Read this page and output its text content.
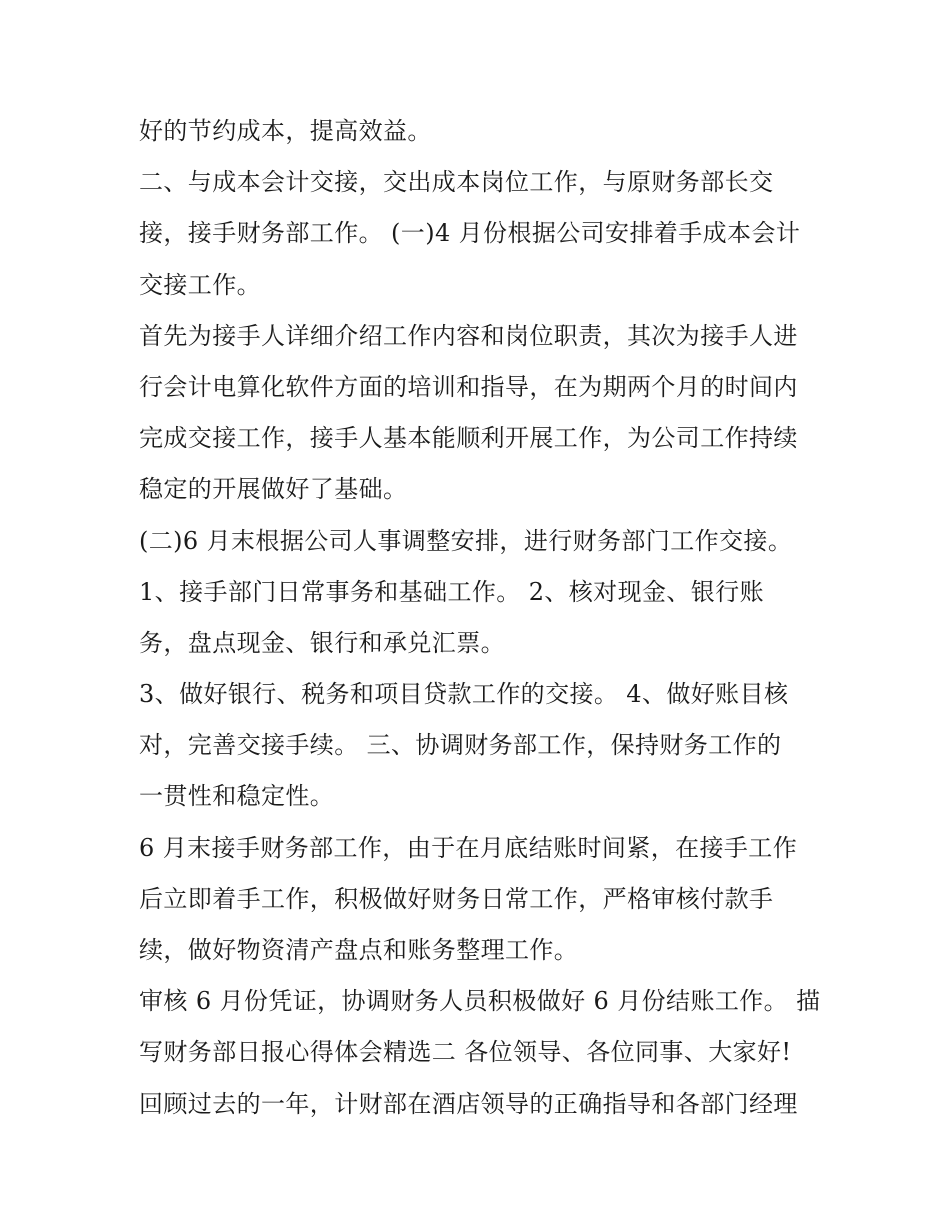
好的节约成本，提高效益。
二、与成本会计交接，交出成本岗位工作，与原财务部长交
接，接手财务部工作。 (一)4 月份根据公司安排着手成本会计
交接工作。
首先为接手人详细介绍工作内容和岗位职责，其次为接手人进
行会计电算化软件方面的培训和指导，在为期两个月的时间内
完成交接工作，接手人基本能顺利开展工作，为公司工作持续
稳定的开展做好了基础。
(二)6 月末根据公司人事调整安排，进行财务部门工作交接。
1、接手部门日常事务和基础工作。 2、核对现金、银行账
务，盘点现金、银行和承兑汇票。
3、做好银行、税务和项目贷款工作的交接。 4、做好账目核
对，完善交接手续。 三、协调财务部工作，保持财务工作的
一贯性和稳定性。
6 月末接手财务部工作，由于在月底结账时间紧，在接手工作
后立即着手工作，积极做好财务日常工作，严格审核付款手
续，做好物资清产盘点和账务整理工作。
审核 6 月份凭证，协调财务人员积极做好 6 月份结账工作。 描
写财务部日报心得体会精选二 各位领导、各位同事、大家好!
回顾过去的一年，计财部在酒店领导的正确指导和各部门经理
